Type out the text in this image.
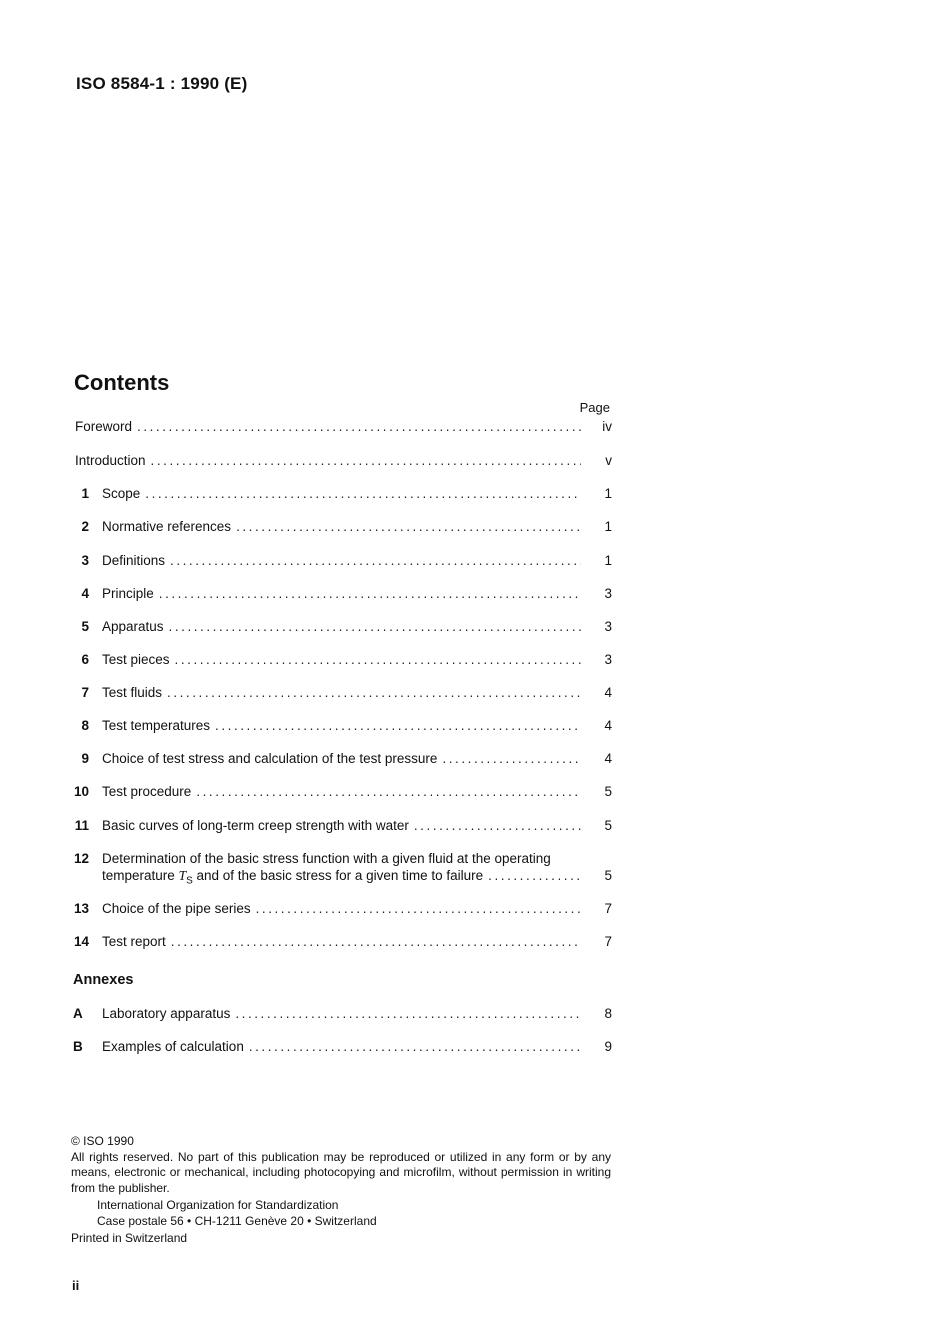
ISO 8584-1 : 1990 (E)
Contents
Page
Foreword . . .	iv
Introduction . . .	v
1 Scope . . .	1
2 Normative references . . .	1
3 Definitions . . .	1
4 Principle . . .	3
5 Apparatus . . .	3
6 Test pieces . . .	3
7 Test fluids . . .	4
8 Test temperatures . . .	4
9 Choice of test stress and calculation of the test pressure . . .	4
10 Test procedure . . .	5
11 Basic curves of long-term creep strength with water . . .	5
12 Determination of the basic stress function with a given fluid at the operating
temperature $T_S$ and of the basic stress for a given time to failure . . .	5
13 Choice of the pipe series . . .	7
14 Test report . . .	7
Annexes
A	Laboratory apparatus . . .	8
B	Examples of calculation . . .	9
© ISO 1990
All rights reserved. No part of this publication may be reproduced or utilized in any form or by any means, electronic or mechanical, including photocopying and microfilm, without permission in writing from the publisher.
International Organization for Standardization
Case postale 56 • CH-1211 Genève 20 • Switzerland
Printed in Switzerland
ii
